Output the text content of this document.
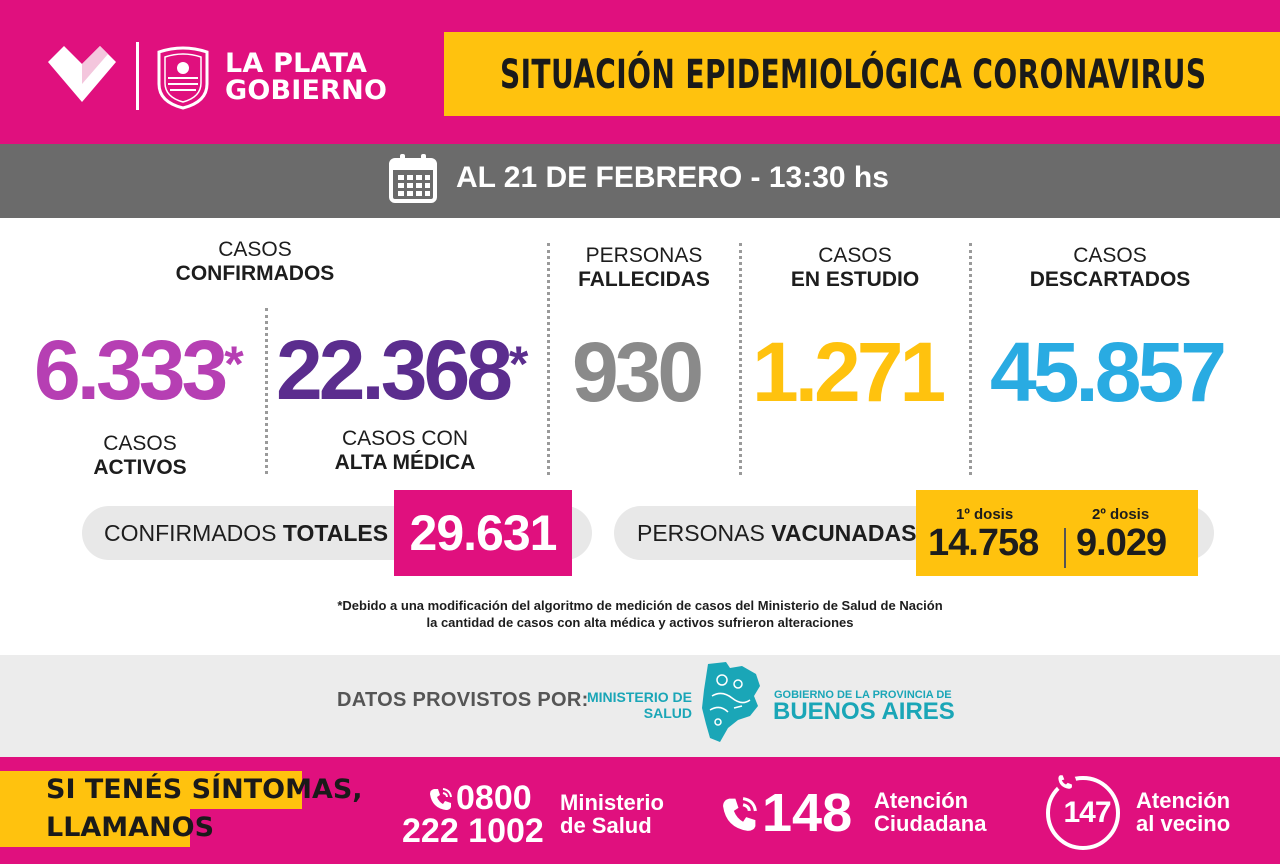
LA PLATA
GOBIERNO	SITUACIÓN EPIDEMIOLÓGICA CORONAVIRUS
AL 21 DE FEBRERO - 13:30 hs
CASOS
CONFIRMADOS
6.333*
CASOS
ACTIVOS
22.368*
CASOS CON
ALTA MÉDICA
PERSONAS
FALLECIDAS
930
CASOS
EN ESTUDIO
1.271
CASOS
DESCARTADOS
45.857
CONFIRMADOS TOTALES 29.631	PERSONAS VACUNADAS
1º dosis
14.758
2º dosis
9.029
*Debido a una modificación del algoritmo de medición de casos del Ministerio de Salud de Nación
la cantidad de casos con alta médica y activos sufrieron alteraciones
DATOS PROVISTOS POR:
MINISTERIO DE
SALUD
GOBIERNO DE LA PROVINCIA DE
BUENOS AIRES
SI TENÉS SÍNTOMAS,
LLAMANOS
0800
222 1002
Ministerio
de Salud 148 Atención
Ciudadana	147	Atención
al vecino
